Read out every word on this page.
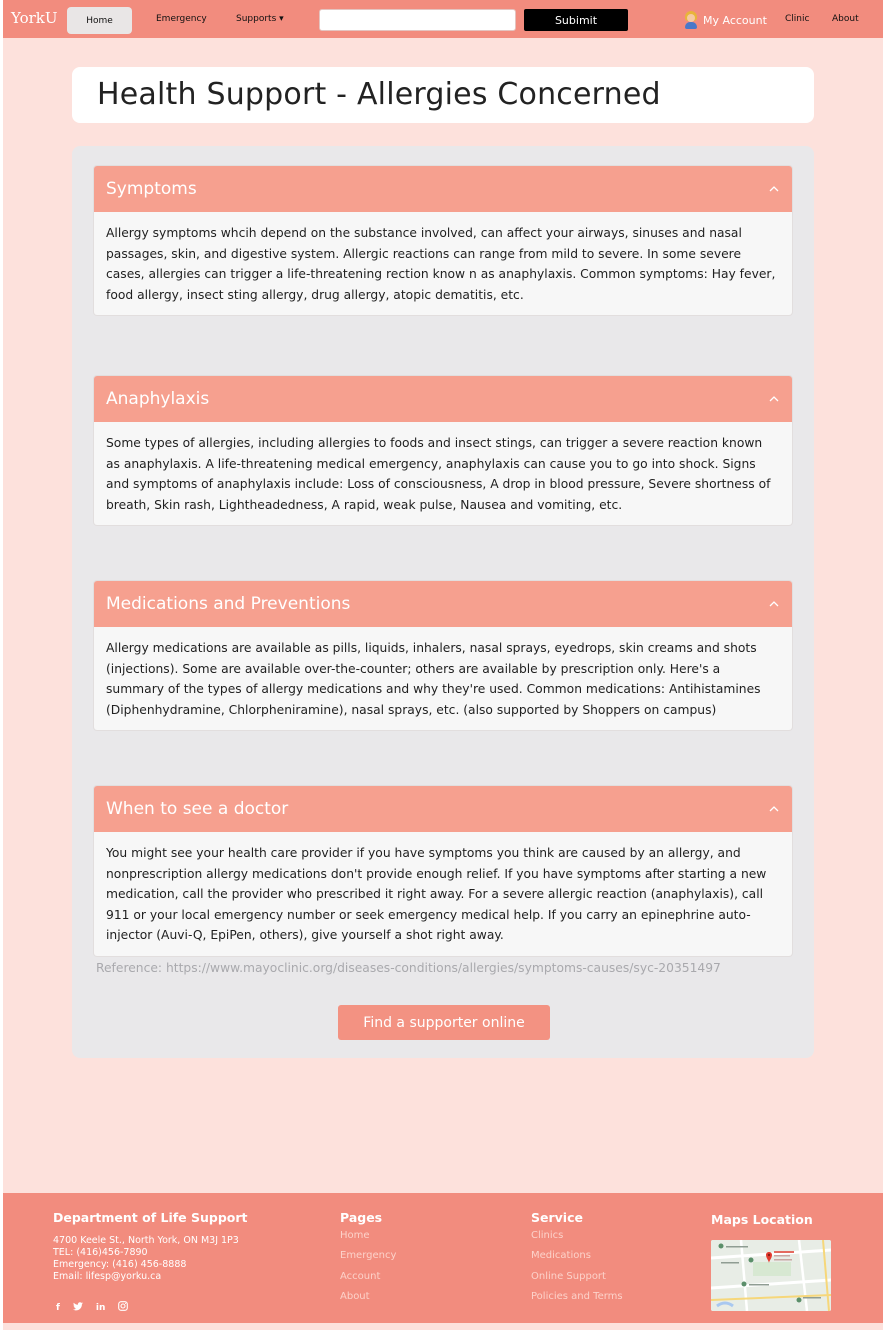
YorkU	Home	Emergency	Supports ▾	Subimit	My Account Clinic	About
Health Support - Allergies Concerned
Symptoms
Allergy symptoms whcih depend on the substance involved, can affect your airways, sinuses and nasal passages, skin, and digestive system. Allergic reactions can range from mild to severe. In some severe cases, allergies can trigger a life-threatening rection know n as anaphylaxis. Common symptoms: Hay fever, food allergy, insect sting allergy, drug allergy, atopic dematitis, etc.
Anaphylaxis
Some types of allergies, including allergies to foods and insect stings, can trigger a severe reaction known as anaphylaxis. A life-threatening medical emergency, anaphylaxis can cause you to go into shock. Signs and symptoms of anaphylaxis include: Loss of consciousness, A drop in blood pressure, Severe shortness of breath, Skin rash, Lightheadedness, A rapid, weak pulse, Nausea and vomiting, etc.
Medications and Preventions
Allergy medications are available as pills, liquids, inhalers, nasal sprays, eyedrops, skin creams and shots (injections). Some are available over-the-counter; others are available by prescription only. Here's a summary of the types of allergy medications and why they're used. Common medications: Antihistamines (Diphenhydramine, Chlorpheniramine), nasal sprays, etc. (also supported by Shoppers on campus)
When to see a doctor
You might see your health care provider if you have symptoms you think are caused by an allergy, and nonprescription allergy medications don't provide enough relief. If you have symptoms after starting a new medication, call the provider who prescribed it right away. For a severe allergic reaction (anaphylaxis), call 911 or your local emergency number or seek emergency medical help. If you carry an epinephrine auto-injector (Auvi-Q, EpiPen, others), give yourself a shot right away.
Reference: https://www.mayoclinic.org/diseases-conditions/allergies/symptoms-causes/syc-20351497
Find a supporter online
Department of Life Support
4700 Keele St., North York, ON M3J 1P3
TEL: (416)456-7890
Emergency: (416) 456-8888
Email: lifesp@yorku.ca
f	in
Pages
Home
Emergency
Account
About
Service
Clinics
Medications
Online Support
Policies and Terms
Maps Location
